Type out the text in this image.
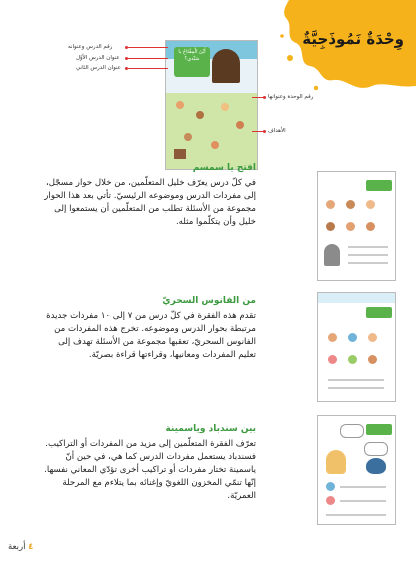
وِحْدَةٌ نَمُوذَجِيَّةٌ
أَيْنَ الْمِفْتَاحُ يا سَيِّدي؟
رقم الدرس وعنوانه
عنوان الدرس الأوّل
عنوان الدرس الثاني
رقم الوحدة وعنوانها
الأهداف
افتح يا سمسم
في كلّ درس يعرّف خليل المتعلّمين، من خلال حوار مسجّل، إلى مفردات الدرس وموضوعه الرئيسيّ. تأتي بعد هذا الحوار مجموعة من الأسئلة تطلب من المتعلّمين أن يستمعوا إلى خليل وأن يتكلّموا مثله.
من الفانوس السحريّ
تقدم هذه الفقرة في كلّ درس من ٧ إلى ١٠ مفردات جديدة مرتبطة بحوار الدرس وموضوعه. تخرج هذه المفردات من الفانوس السحريّ، تعقبها مجموعة من الأسئلة تهدف إلى تعليم المفردات ومعانيها، وقراءتها قراءة بصريّة.
بين سندباد وياسمينة
تعرّف الفقرة المتعلّمين إلى مزيد من المفردات أو التراكيب. فسندباد يستعمل مفردات الدرس كما هي، في حين أنّ ياسمينة تختار مفردات أو تراكيب أخرى تؤدّي المعاني نفسها. إنّها تنمّي المخزون اللغويّ وإغنائه بما يتلاءم مع المرحلة العمريّة.
٤ أربعة
